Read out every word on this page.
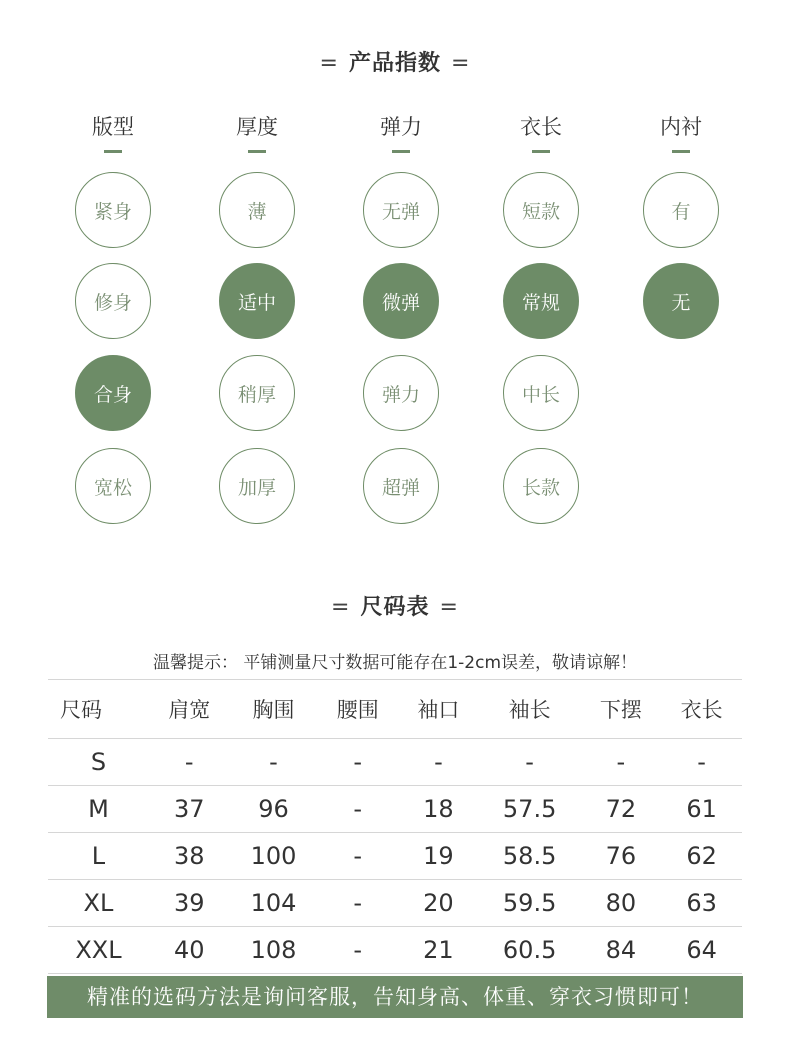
= 产品指数 =
版型
紧身
修身
合身
宽松
厚度
薄
适中
稍厚
加厚
弹力
无弹
微弹
弹力
超弹
衣长
短款
常规
中长
长款
内衬
有
无
= 尺码表 =
温馨提示： 平铺测量尺寸数据可能存在1-2cm误差，敬请谅解！
尺码	肩宽	胸围	腰围	袖口	袖长	下摆	衣长
S	-	-	-	-	-	-	-
M	37	96	-	18	57.5	72	61
L	38	100	-	19	58.5	76	62
XL	39	104	-	20	59.5	80	63
XXL	40	108	-	21	60.5	84	64
精准的选码方法是询问客服，告知身高、体重、穿衣习惯即可！
